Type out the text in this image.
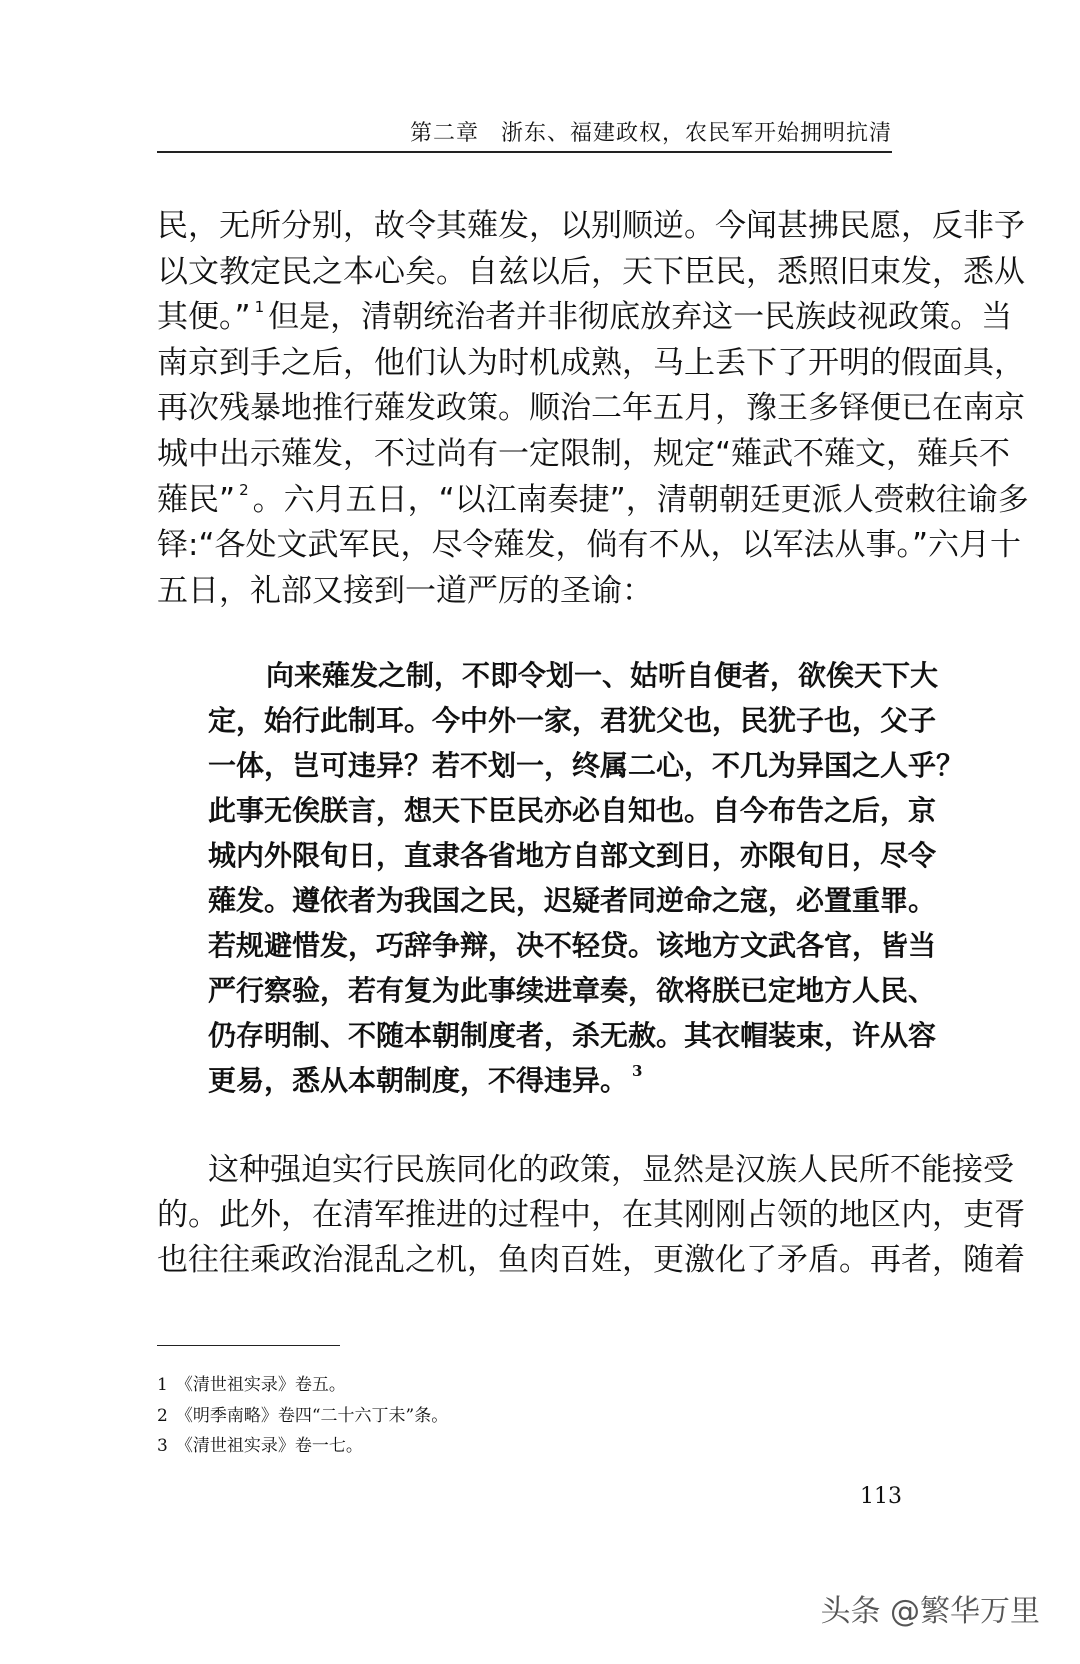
第二章 浙东、福建政权，农民军开始拥明抗清
民，无所分别，故令其薙发，以别顺逆。今闻甚拂民愿，反非予
以文教定民之本心矣。自兹以后，天下臣民，悉照旧束发，悉从
其便。” $^1$ 但是，清朝统治者并非彻底放弃这一民族歧视政策。当
南京到手之后，他们认为时机成熟，马上丢下了开明的假面具，
再次残暴地推行薙发政策。顺治二年五月，豫王多铎便已在南京
城中出示薙发，不过尚有一定限制，规定“薙武不薙文，薙兵不
薙民” $^2$ 。六月五日，“以江南奏捷”，清朝朝廷更派人赍敕往谕多
铎:“各处文武军民，尽令薙发，倘有不从，以军法从事。”六月十
五日，礼部又接到一道严厉的圣谕：
向来薙发之制，不即令划一、姑听自便者，欲俟天下大
定，始行此制耳。今中外一家，君犹父也，民犹子也，父子
一体，岂可违异？若不划一，终属二心，不几为异国之人乎？
此事无俟朕言，想天下臣民亦必自知也。自今布告之后，京
城内外限旬日，直隶各省地方自部文到日，亦限旬日，尽令
薙发。遵依者为我国之民，迟疑者同逆命之寇，必置重罪。
若规避惜发，巧辞争辩，决不轻贷。该地方文武各官，皆当
严行察验，若有复为此事续进章奏，欲将朕已定地方人民、
仍存明制、不随本朝制度者，杀无赦。其衣帽装束，许从容
更易，悉从本朝制度，不得违异。 $^3$
这种强迫实行民族同化的政策，显然是汉族人民所不能接受
的。此外，在清军推进的过程中，在其刚刚占领的地区内，吏胥
也往往乘政治混乱之机，鱼肉百姓，更激化了矛盾。再者，随着
1 《清世祖实录》卷五。
2 《明季南略》卷四“二十六丁未”条。
3 《清世祖实录》卷一七。
113
头条 @繁华万里
